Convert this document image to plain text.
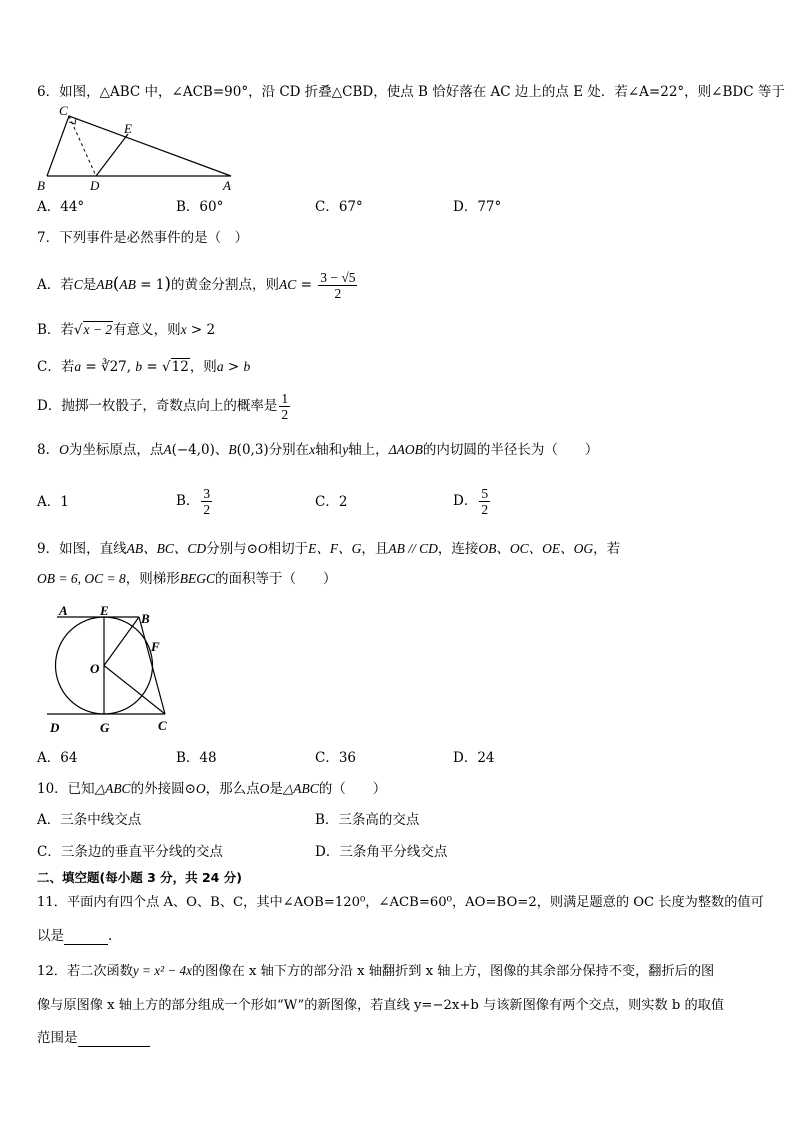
6．如图，△ABC 中，∠ACB=90°，沿 CD 折叠△CBD，使点 B 恰好落在 AC 边上的点 E 处．若∠A=22°，则∠BDC 等于
C
E
B	D	A
A．44°	B．60°	C．67°	D．77°
7．下列事件是必然事件的是（　）
A．若C是AB(AB = 1)的黄金分割点，则AC = $\frac{3 - √5}{2}$
B．若√x − 2有意义，则x > 2
C．若a = ∛27, b = √12，则a > b
D．抛掷一枚骰子，奇数点向上的概率是 $\frac{1}{2}$
8．O为坐标原点，点A(−4,0)、B(0,3)分别在x轴和y轴上，ΔAOB的内切圆的半径长为（　　）
A．1	B． $\frac{3}{2}$	C．2	D． $\frac{5}{2}$
9．如图，直线AB、BC、CD分别与⊙O相切于E、F、G，且AB // CD，连接OB、OC、OE、OG，若
OB = 6, OC = 8，则梯形BEGC的面积等于（　　）
A E
B
F
O
D	G	C
A．64	B．48	C．36	D．24
10．已知△ABC的外接圆⊙O，那么点O是△ABC的（　　）
A．三条中线交点	B．三条高的交点
C．三条边的垂直平分线的交点	D．三条角平分线交点
二、填空题(每小题 3 分，共 24 分)
11．平面内有四个点 A、O、B、C，其中∠AOB=120⁰，∠ACB=60⁰，AO=BO=2，则满足题意的 OC 长度为整数的值可
以是	.
12．若二次函数y = x² − 4x的图像在 x 轴下方的部分沿 x 轴翻折到 x 轴上方，图像的其余部分保持不变，翻折后的图
像与原图像 x 轴上方的部分组成一个形如“W”的新图像，若直线 y=−2x+b 与该新图像有两个交点，则实数 b 的取值
范围是
